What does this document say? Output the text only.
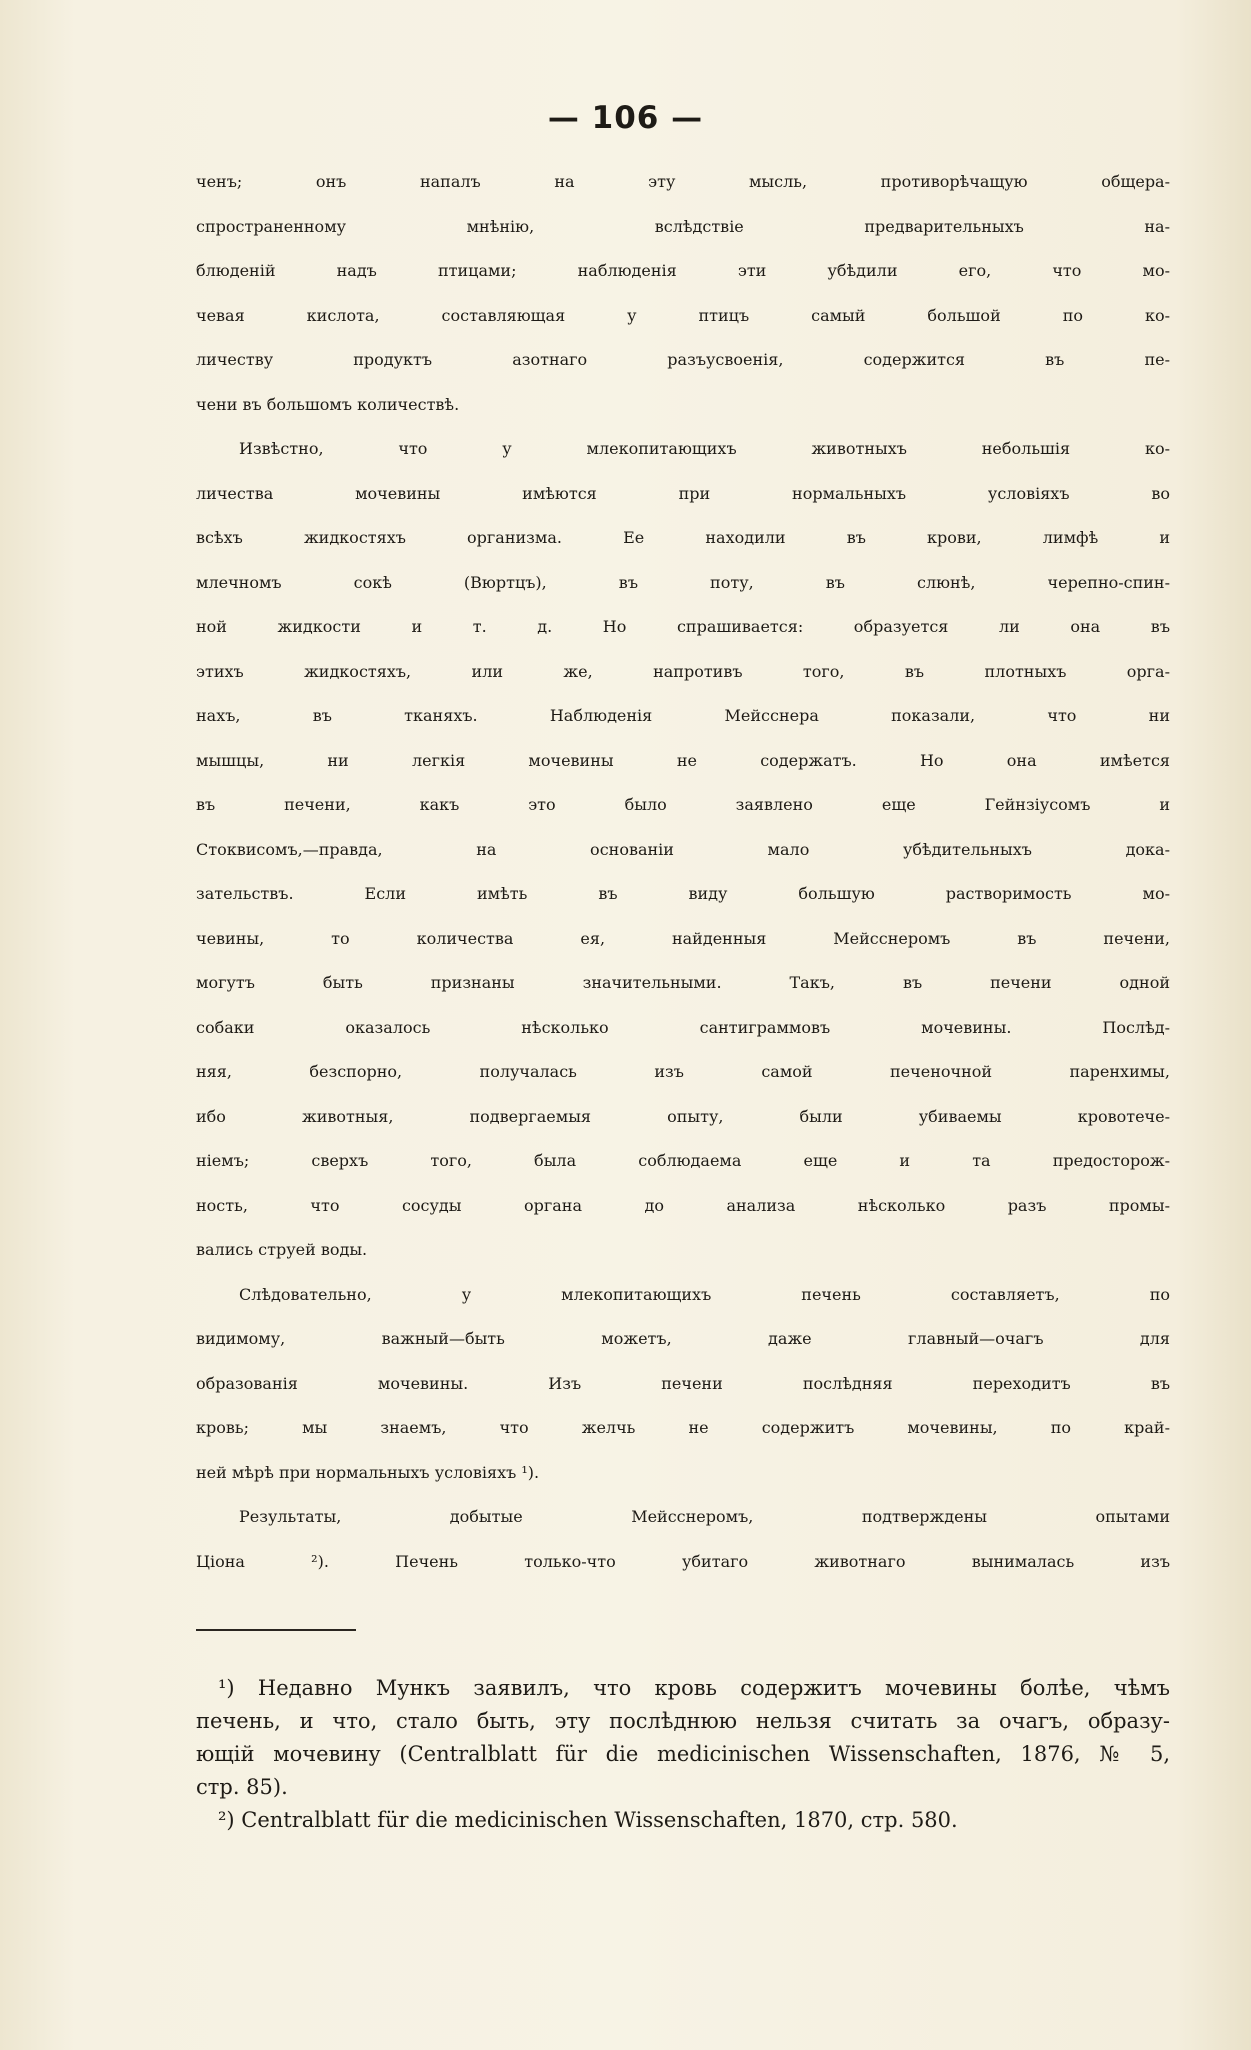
— 106 —
ченъ; онъ напалъ на эту мысль, противорѣчащую общера-
спространенному мнѣнію, вслѣдствіе предварительныхъ на-
блюденій надъ птицами; наблюденія эти убѣдили его, что мо-
чевая кислота, составляющая у птицъ самый большой по ко-
личеству продуктъ азотнаго разъусвоенія, содержится въ пе-
чени въ большомъ количествѣ.
Извѣстно, что у млекопитающихъ животныхъ небольшія ко-
личества мочевины имѣются при нормальныхъ условіяхъ во
всѣхъ жидкостяхъ организма. Ее находили въ крови, лимфѣ и
млечномъ сокѣ (Вюртцъ), въ поту, въ слюнѣ, черепно-спин-
ной жидкости и т. д. Но спрашивается: образуется ли она въ
этихъ жидкостяхъ, или же, напротивъ того, въ плотныхъ орга-
нахъ, въ тканяхъ. Наблюденія Мейсснера показали, что ни
мышцы, ни легкія мочевины не содержатъ. Но она имѣется
въ печени, какъ это было заявлено еще Гейнзіусомъ и
Стоквисомъ,—правда, на основаніи мало убѣдительныхъ дока-
зательствъ. Если имѣть въ виду большую растворимость мо-
чевины, то количества ея, найденныя Мейсснеромъ въ печени,
могутъ быть признаны значительными. Такъ, въ печени одной
собаки оказалось нѣсколько сантиграммовъ мочевины. Послѣд-
няя, безспорно, получалась изъ самой печеночной паренхимы,
ибо животныя, подвергаемыя опыту, были убиваемы кровотече-
ніемъ; сверхъ того, была соблюдаема еще и та предосторож-
ность, что сосуды органа до анализа нѣсколько разъ промы-
вались струей воды.
Слѣдовательно, у млекопитающихъ печень составляетъ, по
видимому, важный—быть можетъ, даже главный—очагъ для
образованія мочевины. Изъ печени послѣдняя переходитъ въ
кровь; мы знаемъ, что желчь не содержитъ мочевины, по край-
ней мѣрѣ при нормальныхъ условіяхъ ¹).
Результаты, добытые Мейсснеромъ, подтверждены опытами
Ціона ²). Печень только-что убитаго животнаго вынималась изъ
¹) Недавно Мункъ заявилъ, что кровь содержитъ мочевины болѣе, чѣмъ
печень, и что, стало быть, эту послѣднюю нельзя считать за очагъ, образу-
ющій мочевину (Centralblatt für die medicinischen Wissenschaften, 1876, № 5,
стр. 85).
²) Centralblatt für die medicinischen Wissenschaften, 1870, стр. 580.
